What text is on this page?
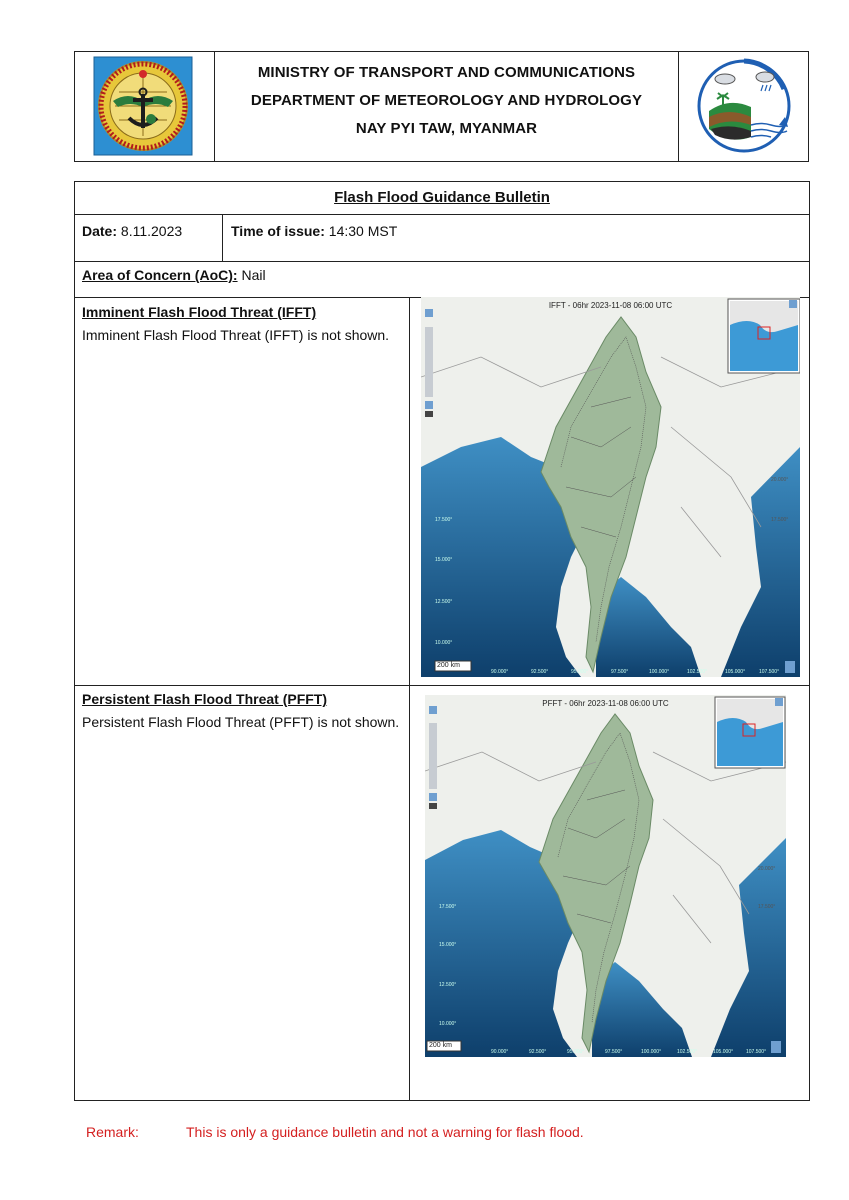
MINISTRY OF TRANSPORT AND COMMUNICATIONS
DEPARTMENT OF METEOROLOGY AND HYDROLOGY
NAY PYI TAW, MYANMAR
Flash Flood Guidance Bulletin
Date: 8.11.2023	Time of issue: 14:30 MST
Area of Concern (AoC): Nail
Imminent Flash Flood Threat (IFFT)
Imminent Flash Flood Threat (IFFT) is not shown.
Persistent Flash Flood Threat (PFFT)
Persistent Flash Flood Threat (PFFT) is not shown.
IFFT - 06hr 2023-11-08 06:00 UTC
200 km
17.500°
15.000°
12.500°
10.000°
20.000°
17.500°
90.000°	92.500°	95.000°	97.500°	100.000°	102.500°	105.000°	107.500°
PFFT - 06hr 2023-11-08 06:00 UTC
200 km
17.500°
15.000°
12.500°
10.000°
20.000°
17.500°
90.000°	92.500°	95.000°	97.500°	100.000°	102.500°	105.000°	107.500°
Remark:	This is only a guidance bulletin and not a warning for flash flood.
